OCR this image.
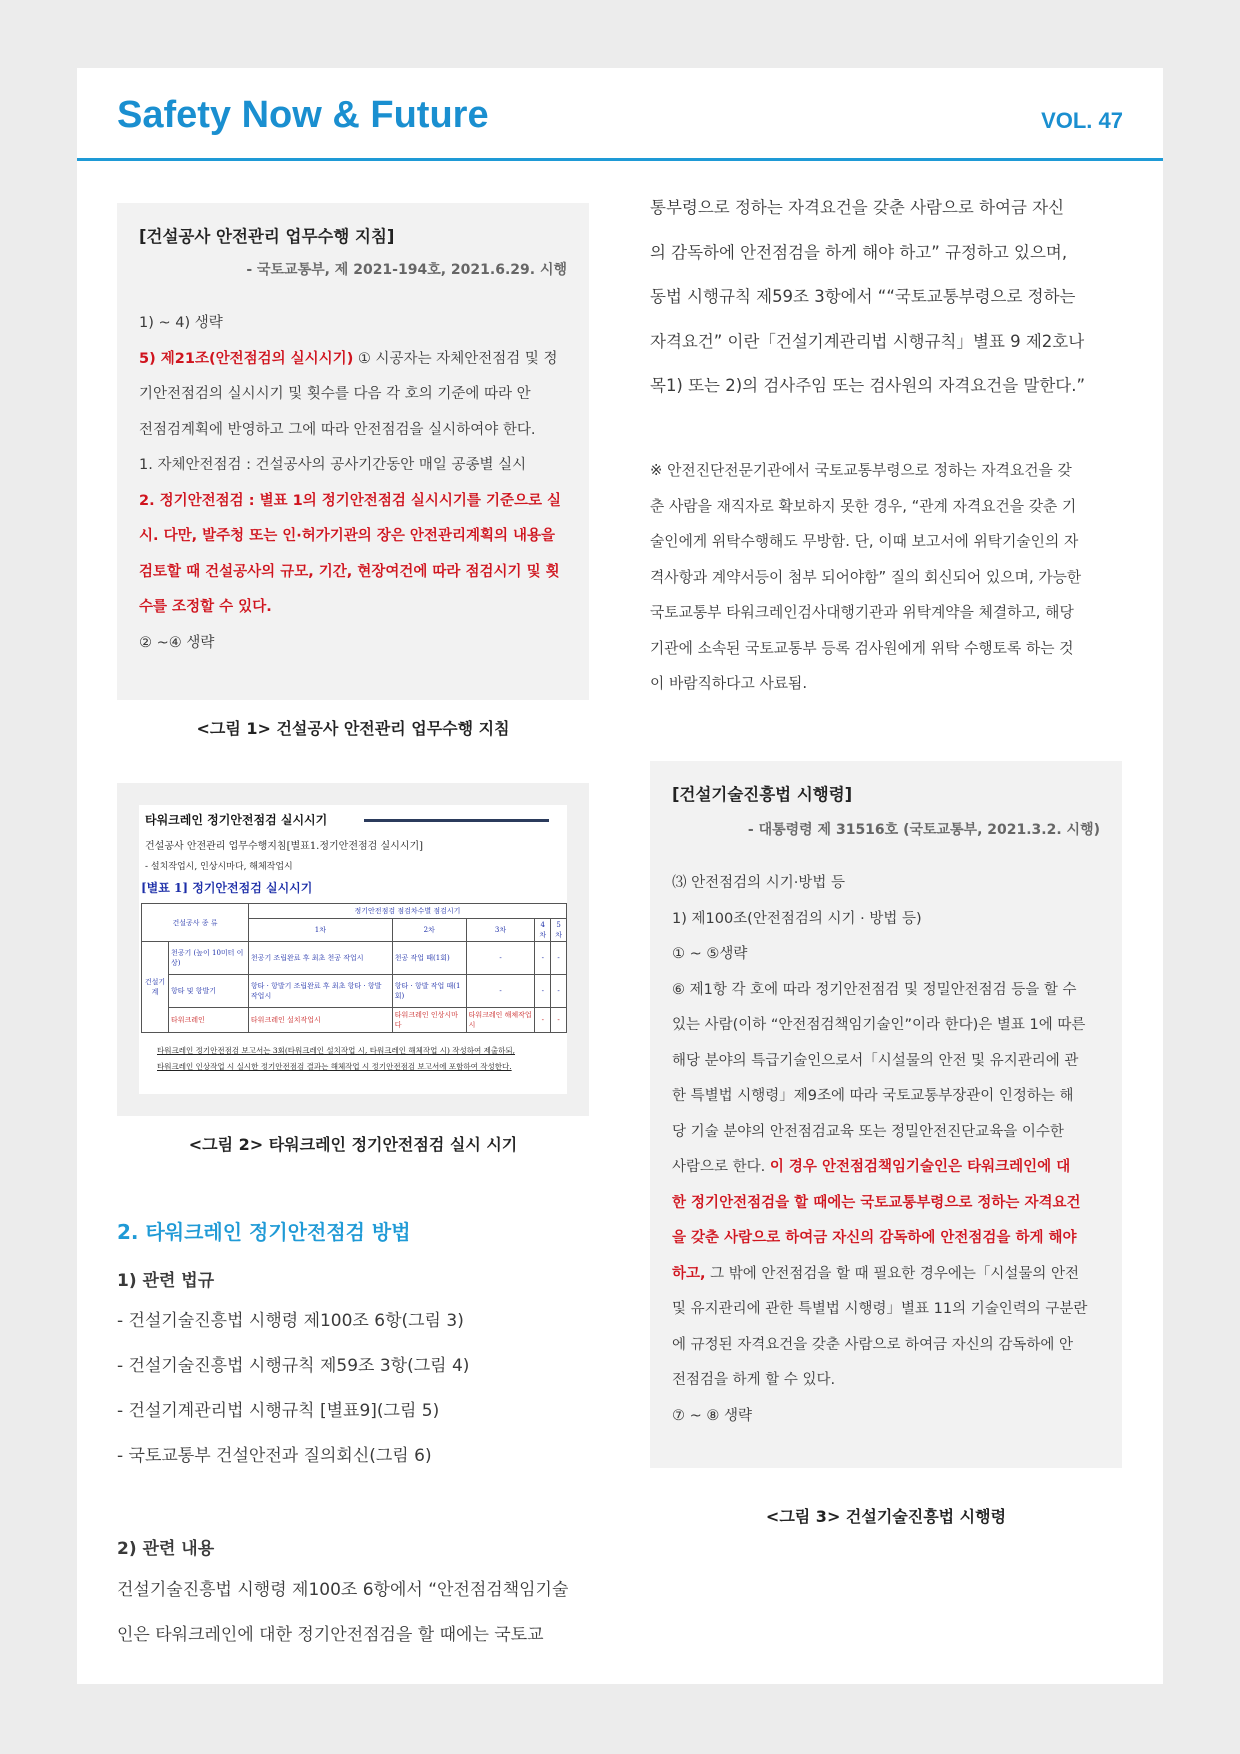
Safety Now & Future	VOL. 47
[건설공사 안전관리 업무수행 지침]
- 국토교통부, 제 2021-194호, 2021.6.29. 시행

1) ~ 4) 생략

5) 제21조(안전점검의 실시시기) ① 시공자는 자체안전점검 및 정

기안전점검의 실시시기 및 횟수를 다음 각 호의 기준에 따라 안

전점검계획에 반영하고 그에 따라 안전점검을 실시하여야 한다.

1. 자체안전점검 : 건설공사의 공사기간동안 매일 공종별 실시

2. 정기안전점검 : 별표 1의 정기안전점검 실시시기를 기준으로 실

시. 다만, 발주청 또는 인·허가기관의 장은 안전관리계획의 내용을

검토할 때 건설공사의 규모, 기간, 현장여건에 따라 점검시기 및 횟

수를 조정할 수 있다.

② ~④ 생략

<그림 1> 건설공사 안전관리 업무수행 지침
타워크레인 정기안전점검 실시시기
건설공사 안전관리 업무수행지침[별표1.정기안전점검 실시시기]
- 설치작업시, 인상시마다, 해체작업시
[별표 1] 정기안전점검 실시시기
건설공사 종 류		정기안전점검 점검차수별 점검시기				
		1차	2차	3차	4차	5차
건설기계	천공기 (높이 10미터 이상)	천공기 조립완료 후 최초 천공 작업시	천공 작업 때(1회)	-	-	-
	항타 및 항발기	항타 · 항발기 조립완료 후 최초 항타 · 항발 작업시	항타 · 항발 작업 때(1회)	-	-	-
	타워크레인	타워크레인 설치작업시	타워크레인 인상시마다	타워크레인 해체작업시	-	-
타워크레인 정기안전점검 보고서는 3회(타워크레인 설치작업 시, 타워크레인 해체작업 시) 작성하여 제출하되,
타워크레인 인상작업 시 실시한 정기안전점검 결과는 해체작업 시 정기안전점검 보고서에 포함하여 작성한다.
<그림 2> 타워크레인 정기안전점검 실시 시기
2. 타워크레인 정기안전점검 방법
1) 관련 법규

- 건설기술진흥법 시행령 제100조 6항(그림 3)

- 건설기술진흥법 시행규칙 제59조 3항(그림 4)

- 건설기계관리법 시행규칙 [별표9](그림 5)

- 국토교통부 건설안전과 질의회신(그림 6)

2) 관련 내용

건설기술진흥법 시행령 제100조 6항에서 “안전점검책임기술

인은 타워크레인에 대한 정기안전점검을 할 때에는 국토교

통부령으로 정하는 자격요건을 갖춘 사람으로 하여금 자신

의 감독하에 안전점검을 하게 해야 하고” 규정하고 있으며,

동법 시행규칙 제59조 3항에서 ““국토교통부령으로 정하는

자격요건” 이란「건설기계관리법 시행규칙」별표 9 제2호나

목1) 또는 2)의 검사주임 또는 검사원의 자격요건을 말한다.”

※ 안전진단전문기관에서 국토교통부령으로 정하는 자격요건을 갖

춘 사람을 재직자로 확보하지 못한 경우, “관계 자격요건을 갖춘 기

술인에게 위탁수행해도 무방함. 단, 이때 보고서에 위탁기술인의 자

격사항과 계약서등이 첨부 되어야함” 질의 회신되어 있으며, 가능한

국토교통부 타워크레인검사대행기관과 위탁계약을 체결하고, 해당

기관에 소속된 국토교통부 등록 검사원에게 위탁 수행토록 하는 것

이 바람직하다고 사료됨.

[건설기술진흥법 시행령]
- 대통령령 제 31516호 (국토교통부, 2021.3.2. 시행)

⑶ 안전점검의 시기·방법 등

1) 제100조(안전점검의 시기 · 방법 등)

① ~ ⑤생략

⑥ 제1항 각 호에 따라 정기안전점검 및 정밀안전점검 등을 할 수

있는 사람(이하 “안전점검책임기술인”이라 한다)은 별표 1에 따른

해당 분야의 특급기술인으로서「시설물의 안전 및 유지관리에 관

한 특별법 시행령」제9조에 따라 국토교통부장관이 인정하는 해

당 기술 분야의 안전점검교육 또는 정밀안전진단교육을 이수한

사람으로 한다. 이 경우 안전점검책임기술인은 타워크레인에 대

한 정기안전점검을 할 때에는 국토교통부령으로 정하는 자격요건

을 갖춘 사람으로 하여금 자신의 감독하에 안전점검을 하게 해야

하고, 그 밖에 안전점검을 할 때 필요한 경우에는「시설물의 안전

및 유지관리에 관한 특별법 시행령」별표 11의 기술인력의 구분란

에 규정된 자격요건을 갖춘 사람으로 하여금 자신의 감독하에 안

전점검을 하게 할 수 있다.

⑦ ~ ⑧ 생략

<그림 3> 건설기술진흥법 시행령
